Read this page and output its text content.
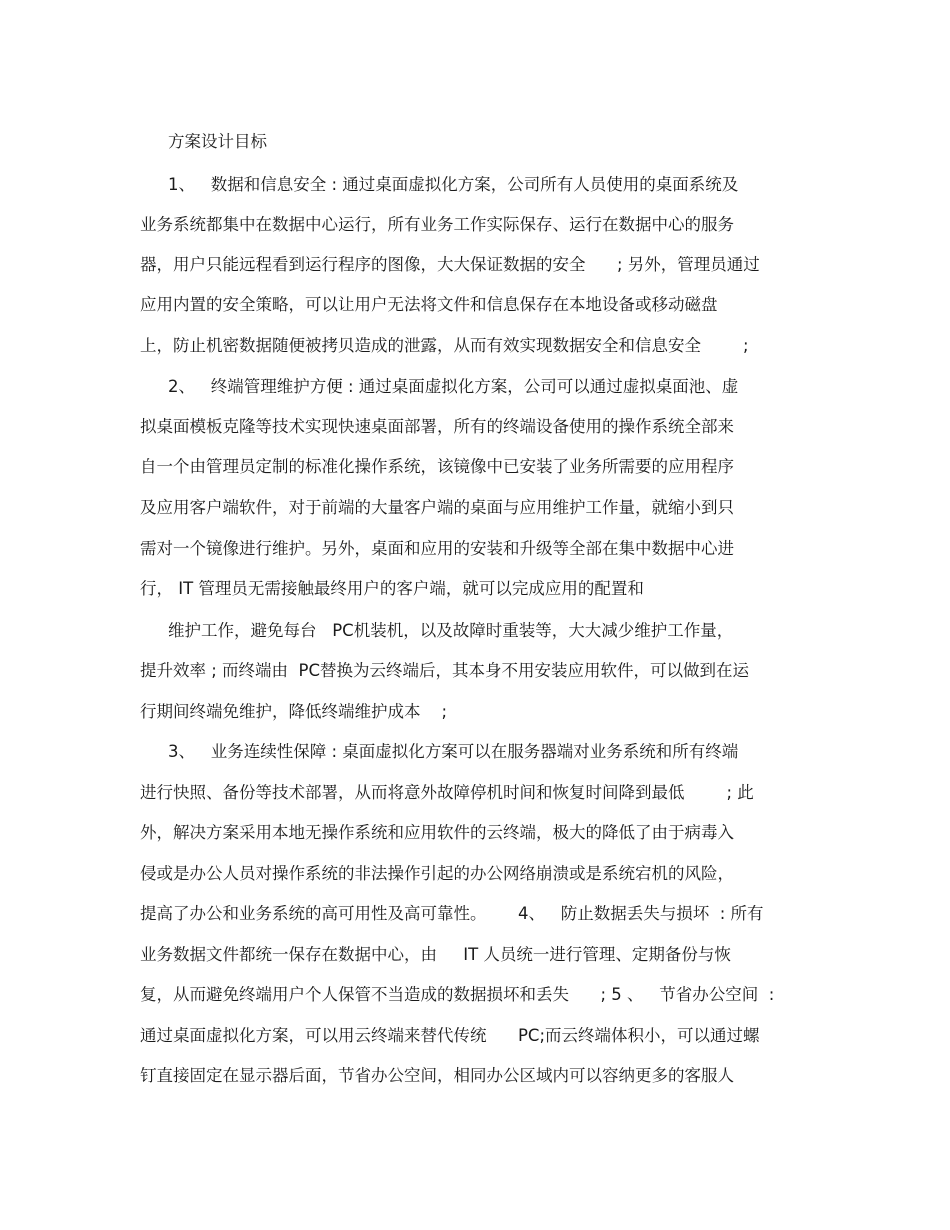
方案设计目标
1、   数据和信息安全 : 通过桌面虚拟化方案，公司所有人员使用的桌面系统及
业务系统都集中在数据中心运行，所有业务工作实际保存、运行在数据中心的服务
器，用户只能远程看到运行程序的图像，大大保证数据的安全      ; 另外，管理员通过
应用内置的安全策略，可以让用户无法将文件和信息保存在本地设备或移动磁盘
上，防止机密数据随便被拷贝造成的泄露，从而有效实现数据安全和信息安全        ;
2、   终端管理维护方便 : 通过桌面虚拟化方案，公司可以通过虚拟桌面池、虚
拟桌面模板克隆等技术实现快速桌面部署，所有的终端设备使用的操作系统全部来
自一个由管理员定制的标准化操作系统，该镜像中已安装了业务所需要的应用程序
及应用客户端软件，对于前端的大量客户端的桌面与应用维护工作量，就缩小到只
需对一个镜像进行维护。另外，桌面和应用的安装和升级等全部在集中数据中心进
行， IT 管理员无需接触最终用户的客户端，就可以完成应用的配置和
维护工作，避免每台   PC机装机，以及故障时重装等，大大减少维护工作量，
提升效率 ; 而终端由  PC替换为云终端后，其本身不用安装应用软件，可以做到在运
行期间终端免维护，降低终端维护成本    ;
3、   业务连续性保障 : 桌面虚拟化方案可以在服务器端对业务系统和所有终端
进行快照、备份等技术部署，从而将意外故障停机时间和恢复时间降到最低        ; 此
外，解决方案采用本地无操作系统和应用软件的云终端，极大的降低了由于病毒入
侵或是办公人员对操作系统的非法操作引起的办公网络崩溃或是系统宕机的风险，
提高了办公和业务系统的高可用性及高可靠性。      4、   防止数据丢失与损坏  : 所有
业务数据文件都统一保存在数据中心，由     IT 人员统一进行管理、定期备份与恢
复，从而避免终端用户个人保管不当造成的数据损坏和丢失      ; 5 、   节省办公空间  :
通过桌面虚拟化方案，可以用云终端来替代传统      PC;而云终端体积小，可以通过螺
钉直接固定在显示器后面，节省办公空间，相同办公区域内可以容纳更多的客服人
